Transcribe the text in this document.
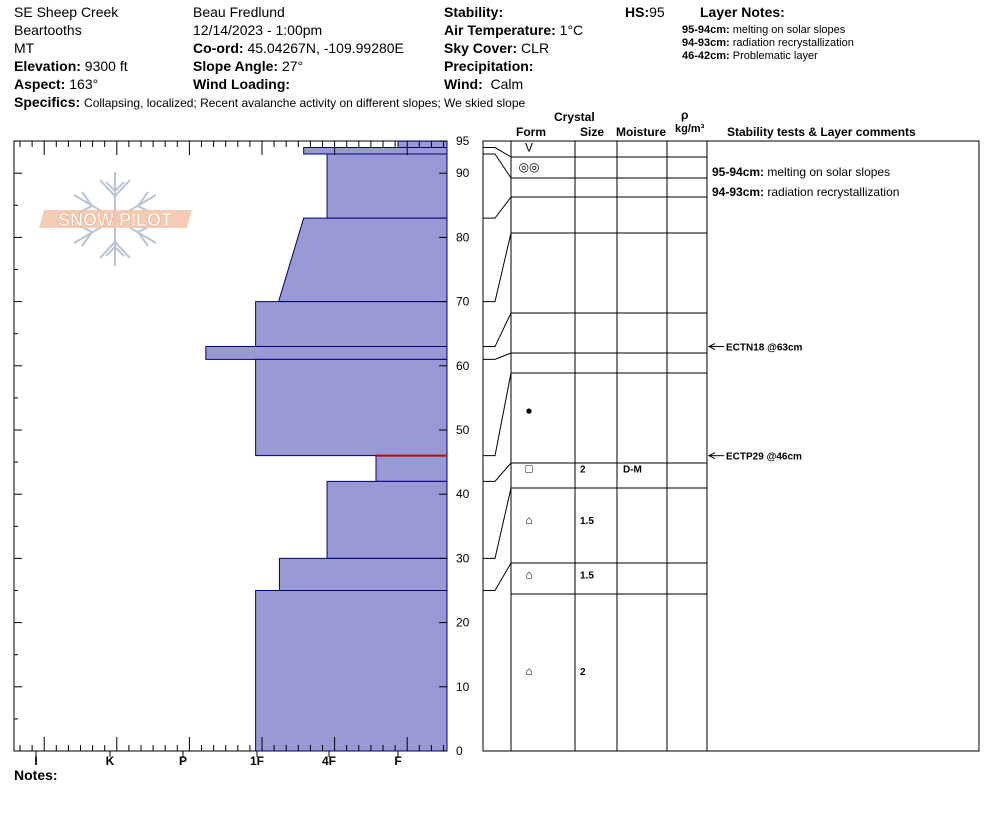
SE Sheep Creek
Beartooths
MT
Elevation: 9300 ft
Aspect: 163°
Beau Fredlund
12/14/2023 - 1:00pm
Co-ord: 45.04267N, -109.99280E
Slope Angle: 27°
Wind Loading:
Stability:
Air Temperature: 1°C
Sky Cover: CLR
Precipitation:
Wind: Calm
HS:95	Layer Notes:
95-94cm: melting on solar slopes
94-93cm: radiation recrystallization
46-42cm: Problematic layer
Specifics: Collapsing, localized; Recent avalanche activity on different slopes; We skied slope
Crystal
Form	Size Moisture
ρ
kg/m³ Stability tests & Layer comments
Notes:
SNOW PILOT
0
10
20
30
40
50
60
70
80
90
95
I	K	P	1F	4F	F
V
◎◎
●
□	2	D-M
⌂	1.5
⌂	1.5
⌂	2
ECTN18 @63cm
ECTP29 @46cm
95-94cm: melting on solar slopes
94-93cm: radiation recrystallization
